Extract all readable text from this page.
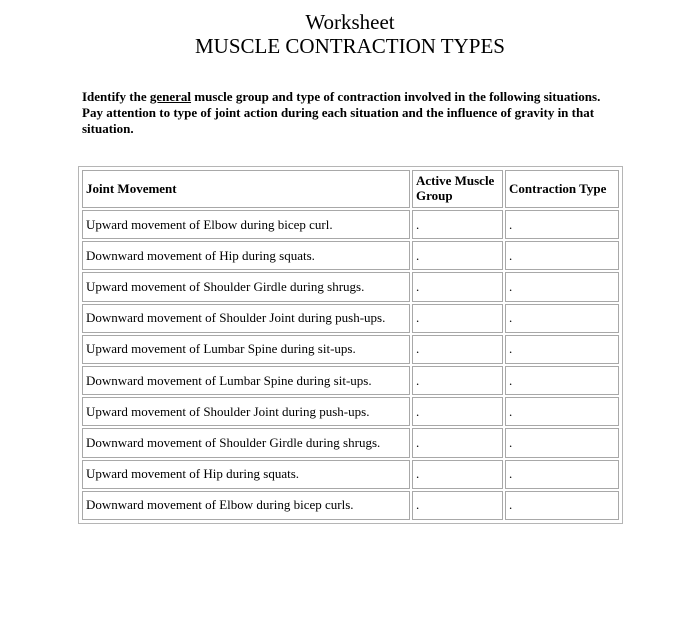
Worksheet
MUSCLE CONTRACTION TYPES
Identify the general muscle group and type of contraction involved in the following situations. Pay attention to type of joint action during each situation and the influence of gravity in that situation.
Joint Movement	Active Muscle Group	Contraction Type
Upward movement of Elbow during bicep curl.	.	.
Downward movement of Hip during squats.	.	.
Upward movement of Shoulder Girdle during shrugs.	.	.
Downward movement of Shoulder Joint during push-ups.	.	.
Upward movement of Lumbar Spine during sit-ups.	.	.
Downward movement of Lumbar Spine during sit-ups.	.	.
Upward movement of Shoulder Joint during push-ups.	.	.
Downward movement of Shoulder Girdle during shrugs.	.	.
Upward movement of Hip during squats.	.	.
Downward movement of Elbow during bicep curls.	.	.
